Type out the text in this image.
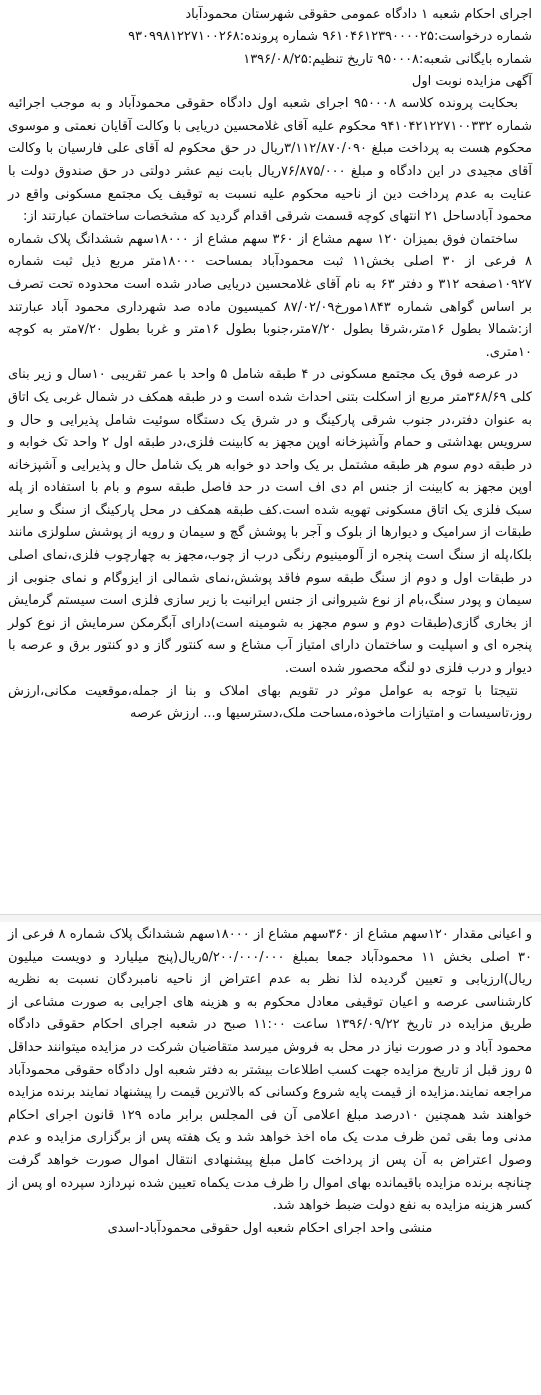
اجرای احکام شعبه ۱ دادگاه عمومی حقوقی شهرستان محمودآباد
شماره درخواست:۹۶۱۰۴۶۱۲۳۹۰۰۰۰۲۵ شماره پرونده:۹۳۰۹۹۸۱۲۲۷۱۰۰۲۶۸
شماره بایگانی شعبه:۹۵۰۰۰۸ تاریخ تنظیم:۱۳۹۶/۰۸/۲۵
آگهی مزایده نوبت اول

بحکایت پرونده کلاسه ۹۵۰۰۰۸ اجرای شعبه اول دادگاه حقوقی محمودآباد و به موجب اجرائیه شماره ۹۴۱۰۴۲۱۲۲۷۱۰۰۳۳۲ محکوم علیه آقای غلامحسین دریایی با وکالت آقایان نعمتی و موسوی محکوم هست به پرداخت مبلغ ۳/۱۱۲/۸۷۰/۰۹۰ریال در حق محکوم له آقای علی فارسیان با وکالت آقای مجیدی در این دادگاه و مبلغ ۷۶/۸۷۵/۰۰۰ریال بابت نیم عشر دولتی در حق صندوق دولت با عنایت به عدم پرداخت دین از ناحیه محکوم علیه نسبت به توقیف یک مجتمع مسکونی واقع در محمود آبادساحل ۲۱ انتهای کوچه قسمت شرقی اقدام گردید که مشخصات ساختمان عبارتند از:

ساختمان فوق بمیزان ۱۲۰ سهم مشاع از ۳۶۰ سهم مشاع از ۱۸۰۰۰سهم ششدانگ پلاک شماره ۸ فرعی از ۳۰ اصلی بخش۱۱ ثبت محمودآباد بمساحت ۱۸۰۰۰متر مربع ذیل ثبت شماره ۱۰۹۲۷صفحه ۳۱۲ و دفتر ۶۳ به نام آقای غلامحسین دریایی صادر شده است محدوده تحت تصرف بر اساس گواهی شماره ۱۸۴۳مورخ۸۷/۰۲/۰۹ کمیسیون ماده صد شهرداری محمود آباد عبارتند از:شمالا بطول ۱۶متر،شرقا بطول ۷/۲۰متر،جنوبا بطول ۱۶متر و غربا بطول ۷/۲۰متر به کوچه ۱۰متری.

در عرصه فوق یک مجتمع مسکونی در ۴ طبقه شامل ۵ واحد با عمر تقریبی ۱۰سال و زیر بنای کلی ۳۶۸/۶۹متر مربع از اسکلت بتنی احداث شده است و در طبقه همکف در شمال غربی یک اتاق به عنوان دفتر،در جنوب شرقی پارکینگ و در شرق یک دستگاه سوئیت شامل پذیرایی و حال و سرویس بهداشتی و حمام وآشپزخانه اوپن مجهز به کابینت فلزی،در طبقه اول ۲ واحد تک خوابه و در طبقه دوم سوم هر طبقه مشتمل بر یک واحد دو خوابه هر یک شامل حال و پذیرایی و آشپزخانه اوپن مجهز به کابینت از جنس ام دی اف است در حد فاصل طبقه سوم و بام با استفاده از پله سبک فلزی یک اتاق مسکونی تهویه شده است.کف طبقه همکف در محل پارکینگ از سنگ و سایر طبقات از سرامیک و دیوارها از بلوک و آجر با پوشش گچ و سیمان و رویه از پوشش سلولزی مانند بلکا،پله از سنگ است پنجره از آلومینیوم رنگی درب از چوب،مجهز به چهارچوب فلزی،نمای اصلی در طبقات اول و دوم از سنگ طبقه سوم فاقد پوشش،نمای شمالی از ایزوگام و نمای جنوبی از سیمان و پودر سنگ،بام از نوع شیروانی از جنس ایرانیت با زیر سازی فلزی است سیستم گرمایش از بخاری گازی(طبقات دوم و سوم مجهز به شومینه است)دارای آبگرمکن سرمایش از نوع کولر پنجره ای و اسپلیت و ساختمان دارای امتیاز آب مشاع و سه کنتور گاز و دو کنتور برق و عرصه با دیوار و درب فلزی دو لنگه محصور شده است.

نتیجتا با توجه به عوامل موثر در تقویم بهای املاک و بنا از جمله،موقعیت مکانی،ارزش روز،تاسیسات و امتیازات ماخوذه،مساحت ملک،دسترسیها و... ارزش عرصه

و اعیانی مقدار ۱۲۰سهم مشاع از ۳۶۰سهم مشاع از ۱۸۰۰۰سهم ششدانگ پلاک شماره ۸ فرعی از ۳۰ اصلی بخش ۱۱ محمودآباد جمعا بمبلغ ۵/۲۰۰/۰۰۰/۰۰۰ریال(پنج میلیارد و دویست میلیون ریال)ارزیابی و تعیین گردیده لذا نظر به عدم اعتراض از ناحیه نامبردگان نسبت به نظریه کارشناسی عرصه و اعیان توقیفی معادل محکوم به و هزینه های اجرایی به صورت مشاعی از طریق مزایده در تاریخ ۱۳۹۶/۰۹/۲۲ ساعت ۱۱:۰۰ صبح در شعبه اجرای احکام حقوقی دادگاه محمود آباد و در صورت نیاز در محل به فروش میرسد متقاضیان شرکت در مزایده میتوانند حداقل ۵ روز قبل از تاریخ مزایده جهت کسب اطلاعات بیشتر به دفتر شعبه اول دادگاه حقوقی محمودآباد مراجعه نمایند.مزایده از قیمت پایه شروع وکسانی که بالاترین قیمت را پیشنهاد نمایند برنده مزایده خواهند شد همچنین ۱۰درصد مبلغ اعلامی آن فی المجلس برابر ماده ۱۲۹ قانون اجرای احکام مدنی وما بقی ثمن ظرف مدت یک ماه اخذ خواهد شد و یک هفته پس از برگزاری مزایده و عدم وصول اعتراض به آن پس از پرداخت کامل مبلغ پیشنهادی انتقال اموال صورت خواهد گرفت چنانچه برنده مزایده باقیمانده بهای اموال را ظرف مدت یکماه تعیین شده نپردازد سپرده او پس از کسر هزینه مزایده به نفع دولت ضبط خواهد شد.

منشی واحد اجرای احکام شعبه اول حقوقی محمودآباد-اسدی
